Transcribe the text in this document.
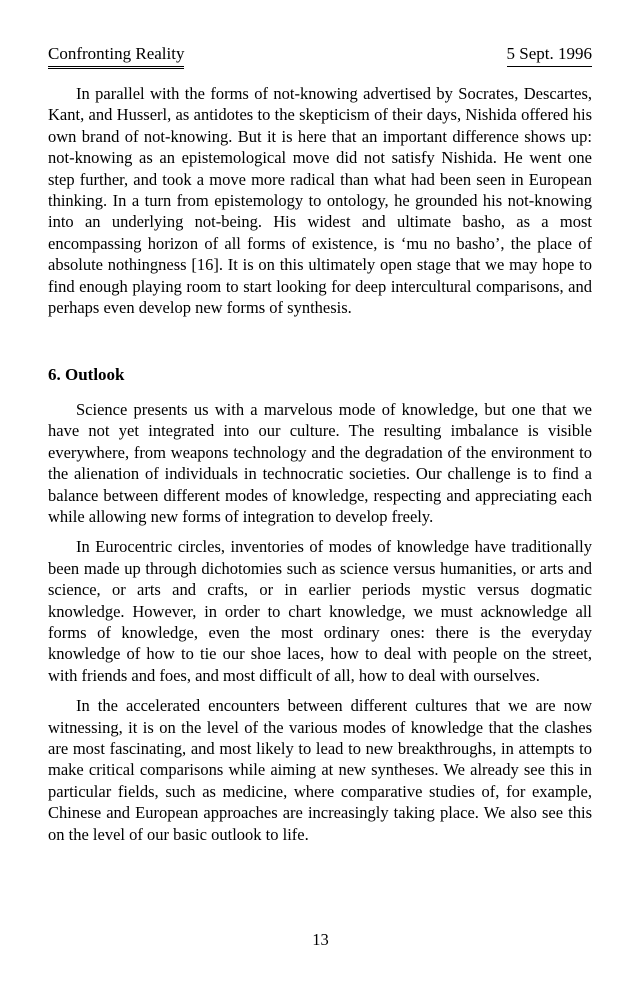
Confronting Reality	5 Sept. 1996

In parallel with the forms of not-knowing advertised by Socrates, Descartes, Kant, and Husserl, as antidotes to the skepticism of their days, Nishida offered his own brand of not-knowing. But it is here that an important difference shows up: not-knowing as an epistemological move did not satisfy Nishida. He went one step further, and took a move more radical than what had been seen in European thinking. In a turn from epistemology to ontology, he grounded his not-knowing into an underlying not-being. His widest and ultimate basho, as a most encompassing horizon of all forms of existence, is ‘mu no basho’, the place of absolute nothingness [16]. It is on this ultimately open stage that we may hope to find enough playing room to start looking for deep intercultural comparisons, and perhaps even develop new forms of synthesis.

6. Outlook

Science presents us with a marvelous mode of knowledge, but one that we have not yet integrated into our culture. The resulting imbalance is visible everywhere, from weapons technology and the degradation of the environment to the alienation of individuals in technocratic societies. Our challenge is to find a balance between different modes of knowledge, respecting and appreciating each while allowing new forms of integration to develop freely.

In Eurocentric circles, inventories of modes of knowledge have traditionally been made up through dichotomies such as science versus humanities, or arts and science, or arts and crafts, or in earlier periods mystic versus dogmatic knowledge. However, in order to chart knowledge, we must acknowledge all forms of knowledge, even the most ordinary ones: there is the everyday knowledge of how to tie our shoe laces, how to deal with people on the street, with friends and foes, and most difficult of all, how to deal with ourselves.

In the accelerated encounters between different cultures that we are now witnessing, it is on the level of the various modes of knowledge that the clashes are most fascinating, and most likely to lead to new breakthroughs, in attempts to make critical comparisons while aiming at new syntheses. We already see this in particular fields, such as medicine, where comparative studies of, for example, Chinese and European approaches are increasingly taking place. We also see this on the level of our basic outlook to life.

13
